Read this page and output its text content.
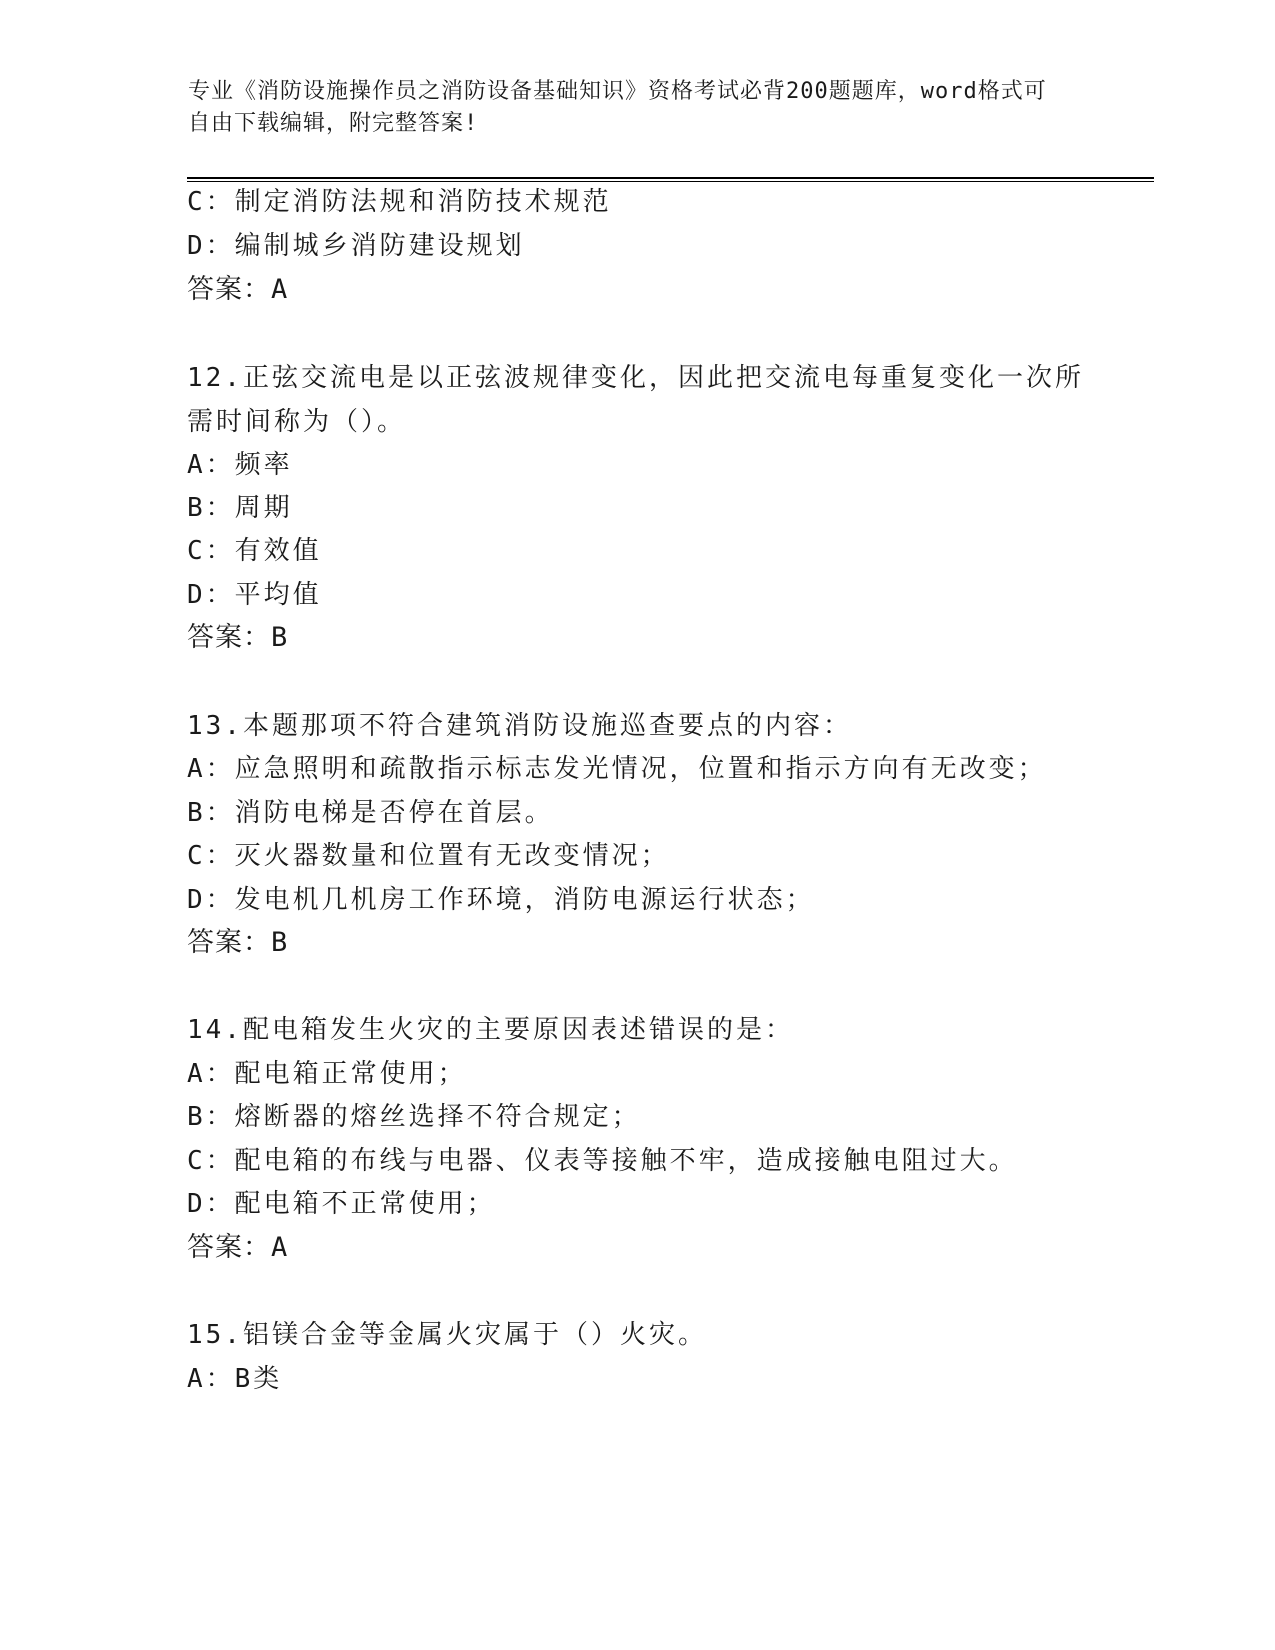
专业《消防设施操作员之消防设备基础知识》资格考试必背200题题库，word格式可自由下载编辑，附完整答案!
C：制定消防法规和消防技术规范
D：编制城乡消防建设规划
答案：A
12.正弦交流电是以正弦波规律变化，因此把交流电每重复变化一次所
需时间称为（）。
A：频率
B：周期
C：有效值
D：平均值
答案：B
13.本题那项不符合建筑消防设施巡查要点的内容：
A：应急照明和疏散指示标志发光情况，位置和指示方向有无改变；
B：消防电梯是否停在首层。
C：灭火器数量和位置有无改变情况；
D：发电机几机房工作环境，消防电源运行状态；
答案：B
14.配电箱发生火灾的主要原因表述错误的是：
A：配电箱正常使用；
B：熔断器的熔丝选择不符合规定；
C：配电箱的布线与电器、仪表等接触不牢，造成接触电阻过大。
D：配电箱不正常使用；
答案：A
15.铝镁合金等金属火灾属于（）火灾。
A：B类
